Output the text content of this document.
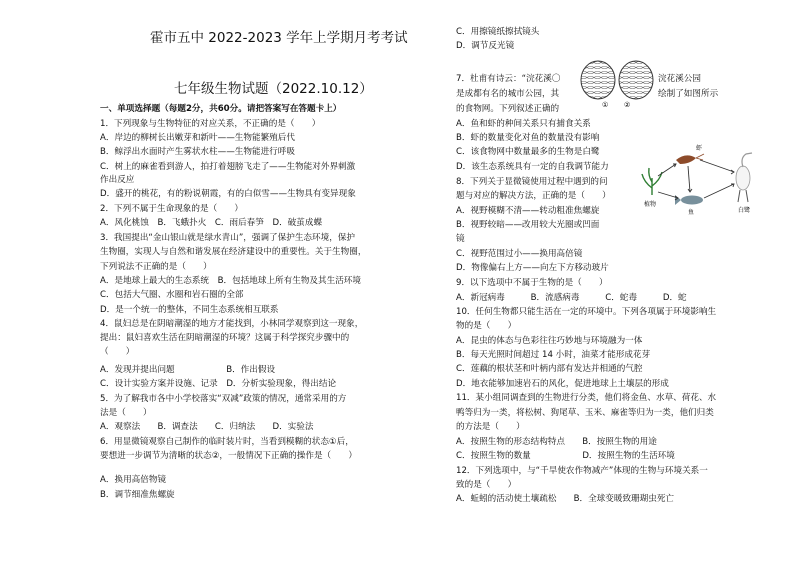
霍市五中 2022-2023 学年上学期月考考试
七年级生物试题（2022.10.12）
一、单项选择题（每题2分，共60分。请把答案写在答题卡上）
1．下列现象与生物特征的对应关系，不正确的是（　　）
A．岸边的柳树长出嫩芽和新叶——生物能繁殖后代
B．鲸浮出水面时产生雾状水柱——生物能进行呼吸
C．树上的麻雀看到游人，拍打着翅膀飞走了——生物能对外界刺激
作出反应
D．盛开的桃花，有的粉说朝霞，有的白似雪——生物具有变异现象
2．下列不属于生命现象的是（　　）
A．风化桃蚀　B．飞蛾扑火　C．雨后春笋　D．破茧成蝶
3．我国提出“金山银山就是绿水青山”，强调了保护生态环境，保护
生物圈，实现人与自然和谐发展在经济建设中的重要性。关于生物圈，
下列说法不正确的是（　　）
A．是地球上最大的生态系统　B．包括地球上所有生物及其生活环境
C．包括大气圈、水圈和岩石圈的全部
D．是一个统一的整体，不同生态系统相互联系
4．鼠妇总是在阴暗潮湿的地方才能找到，小林同学观察到这一现象，
提出：鼠妇喜欢生活在阴暗潮湿的环境？这属于科学探究步骤中的
（　　）
A．发现并提出问题　　　　　　B．作出假设
C．设计实验方案并设施、记录　D．分析实验现象，得出结论
5．为了解我市各中小学校落实“双减”政策的情况，通常采用的方
法是（　　）
A．观察法　　B．调查法　　C．归纳法　　D．实验法
6．用显微镜观察自己制作的临时装片时，当看到模糊的状态①后，
要想进一步调节为清晰的状态②，一般情况下正确的操作是（　　）
A．换用高倍物镜
B．调节细准焦螺旋
C．用擦镜纸擦拭镜头
D．调节反光镜
7．杜甫有诗云：“浣花溪〇
是成都有名的城市公园，其
的食物网。下列叙述正确的
A．鱼和虾的种间关系只有捕食关系
B．虾的数量变化对鱼的数量没有影响
C．该食物网中数量最多的生物是白鹭
D．该生态系统具有一定的自我调节能力
8．下列关于显微镜使用过程中遇到的问
题与对应的解决方法，正确的是（　　）
A．视野模糊不清——转动粗准焦螺旋
B．视野较暗——改用较大光圈或凹面
镜
C．视野范围过小——换用高倍镜
D．物像偏右上方——向左下方移动玻片
9．以下选项中不属于生物的是（　　）
A．新冠病毒　　　B．流感病毒　　　C．蛇毒　　　D．蛇
10．任何生物都只能生活在一定的环境中。下列各项属于环境影响生
物的是（　　）
A．昆虫的体态与色彩往往巧妙地与环境融为一体
B．每天光照时间超过 14 小时，油菜才能形成花芽
C．莲藕的根状茎和叶柄内部有发达并相通的气腔
D．地衣能够加速岩石的风化，促进地球上土壤层的形成
11．某小组同调查到的生物进行分类，他们将金鱼、水草、荷花、水
鸭等归为一类，将松树、狗尾草、玉米、麻雀等归为一类，他们归类
的方法是（　　）
A．按照生物的形态结构特点　　B．按照生物的用途
C．按照生物的数量　　　　　　D．按照生物的生活环境
12．下列选项中，与“千旱使农作物减产”体现的生物与环境关系一
致的是（　　）
A．蚯蚓的活动使土壤疏松　　B．全球变暖致珊瑚虫死亡
浣花溪公园
绘制了如图所示
① ②
虾
植物
鱼	白鹭
